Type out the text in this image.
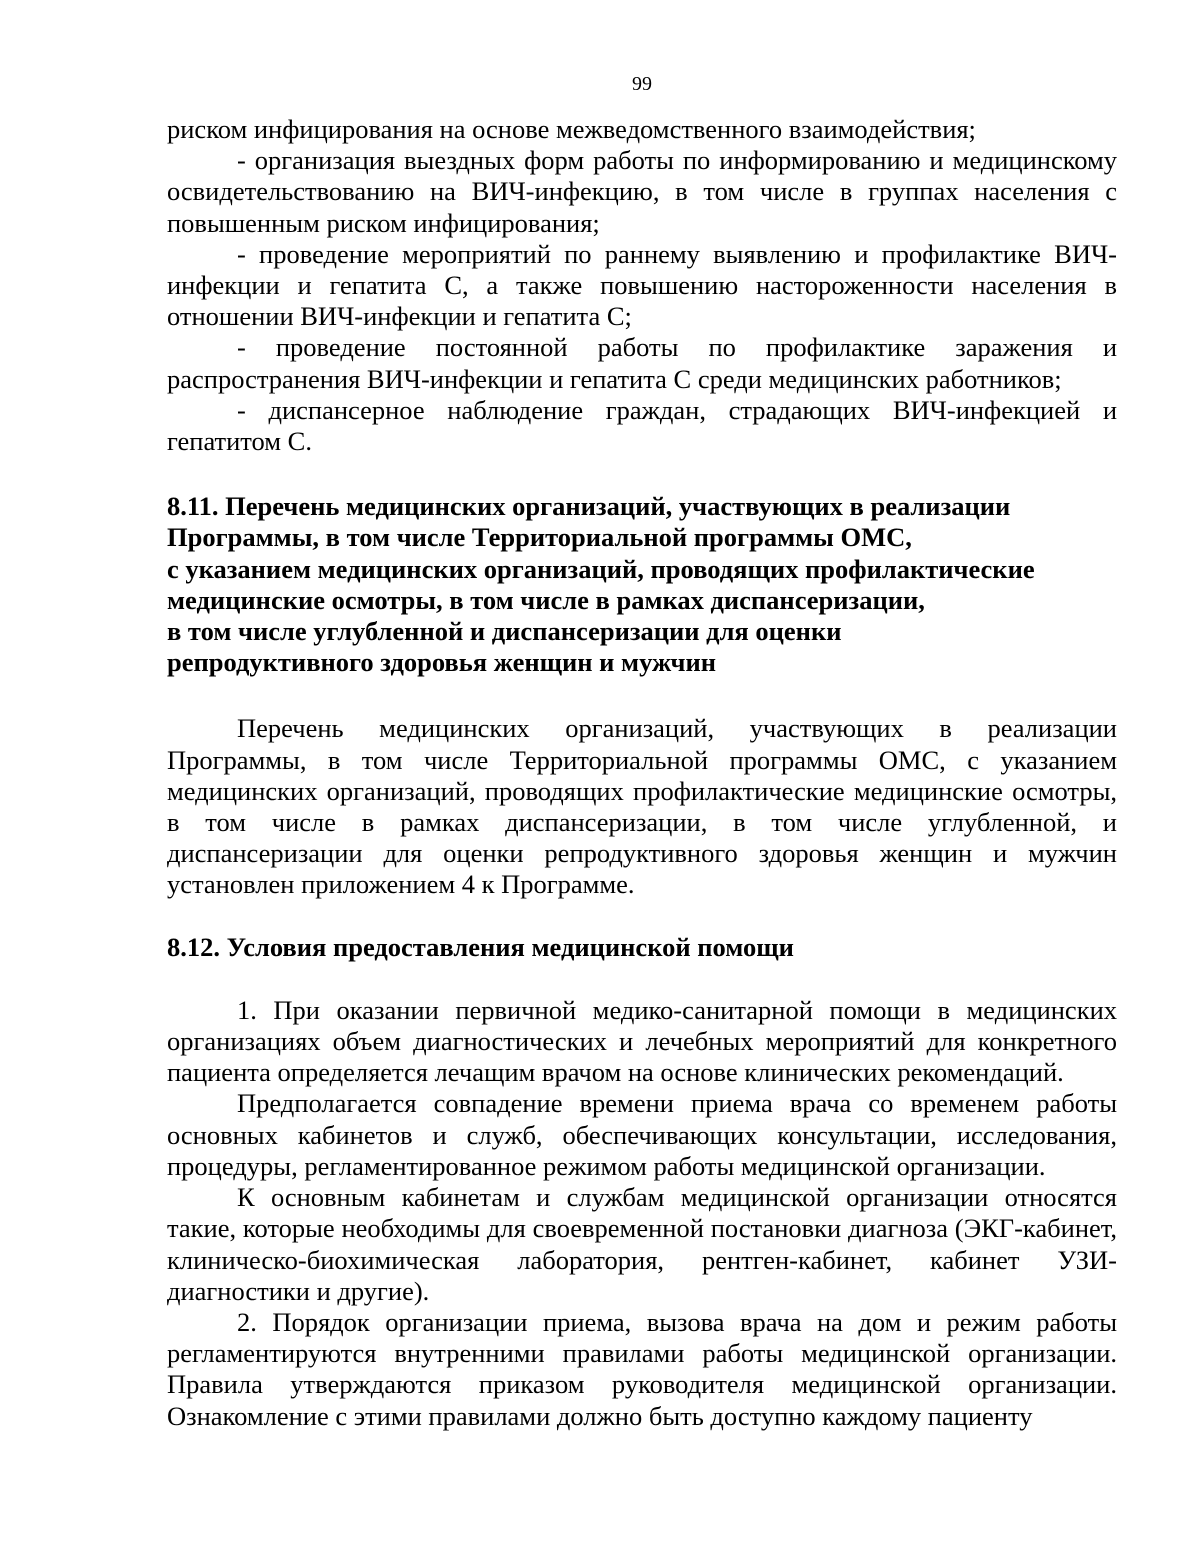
99

риском инфицирования на основе межведомственного взаимодействия;

- организация выездных форм работы по информированию и медицинскому освидетельствованию на ВИЧ-инфекцию, в том числе в группах населения с повышенным риском инфицирования;

- проведение мероприятий по раннему выявлению и профилактике ВИЧ-инфекции и гепатита С, а также повышению настороженности населения в отношении ВИЧ-инфекции и гепатита С;

- проведение постоянной работы по профилактике заражения и распространения ВИЧ-инфекции и гепатита С среди медицинских работников;

- диспансерное наблюдение граждан, страдающих ВИЧ-инфекцией и гепатитом С.

8.11. Перечень медицинских организаций, участвующих в реализации

Программы, в том числе Территориальной программы ОМС,

с указанием медицинских организаций, проводящих профилактические

медицинские осмотры, в том числе в рамках диспансеризации,

в том числе углубленной и диспансеризации для оценки

репродуктивного здоровья женщин и мужчин

Перечень медицинских организаций, участвующих в реализации Программы, в том числе Территориальной программы ОМС, с указанием медицинских организаций, проводящих профилактические медицинские осмотры, в том числе в рамках диспансеризации, в том числе углубленной, и диспансеризации для оценки репродуктивного здоровья женщин и мужчин установлен приложением 4 к Программе.

8.12. Условия предоставления медицинской помощи

1. При оказании первичной медико-санитарной помощи в медицинских организациях объем диагностических и лечебных мероприятий для конкретного пациента определяется лечащим врачом на основе клинических рекомендаций.

Предполагается совпадение времени приема врача со временем работы основных кабинетов и служб, обеспечивающих консультации, исследования, процедуры, регламентированное режимом работы медицинской организации.

К основным кабинетам и службам медицинской организации относятся такие, которые необходимы для своевременной постановки диагноза (ЭКГ-кабинет, клиническо-биохимическая лаборатория, рентген-кабинет, кабинет УЗИ-диагностики и другие).

2. Порядок организации приема, вызова врача на дом и режим работы регламентируются внутренними правилами работы медицинской организации. Правила утверждаются приказом руководителя медицинской организации. Ознакомление с этими правилами должно быть доступно каждому пациенту
